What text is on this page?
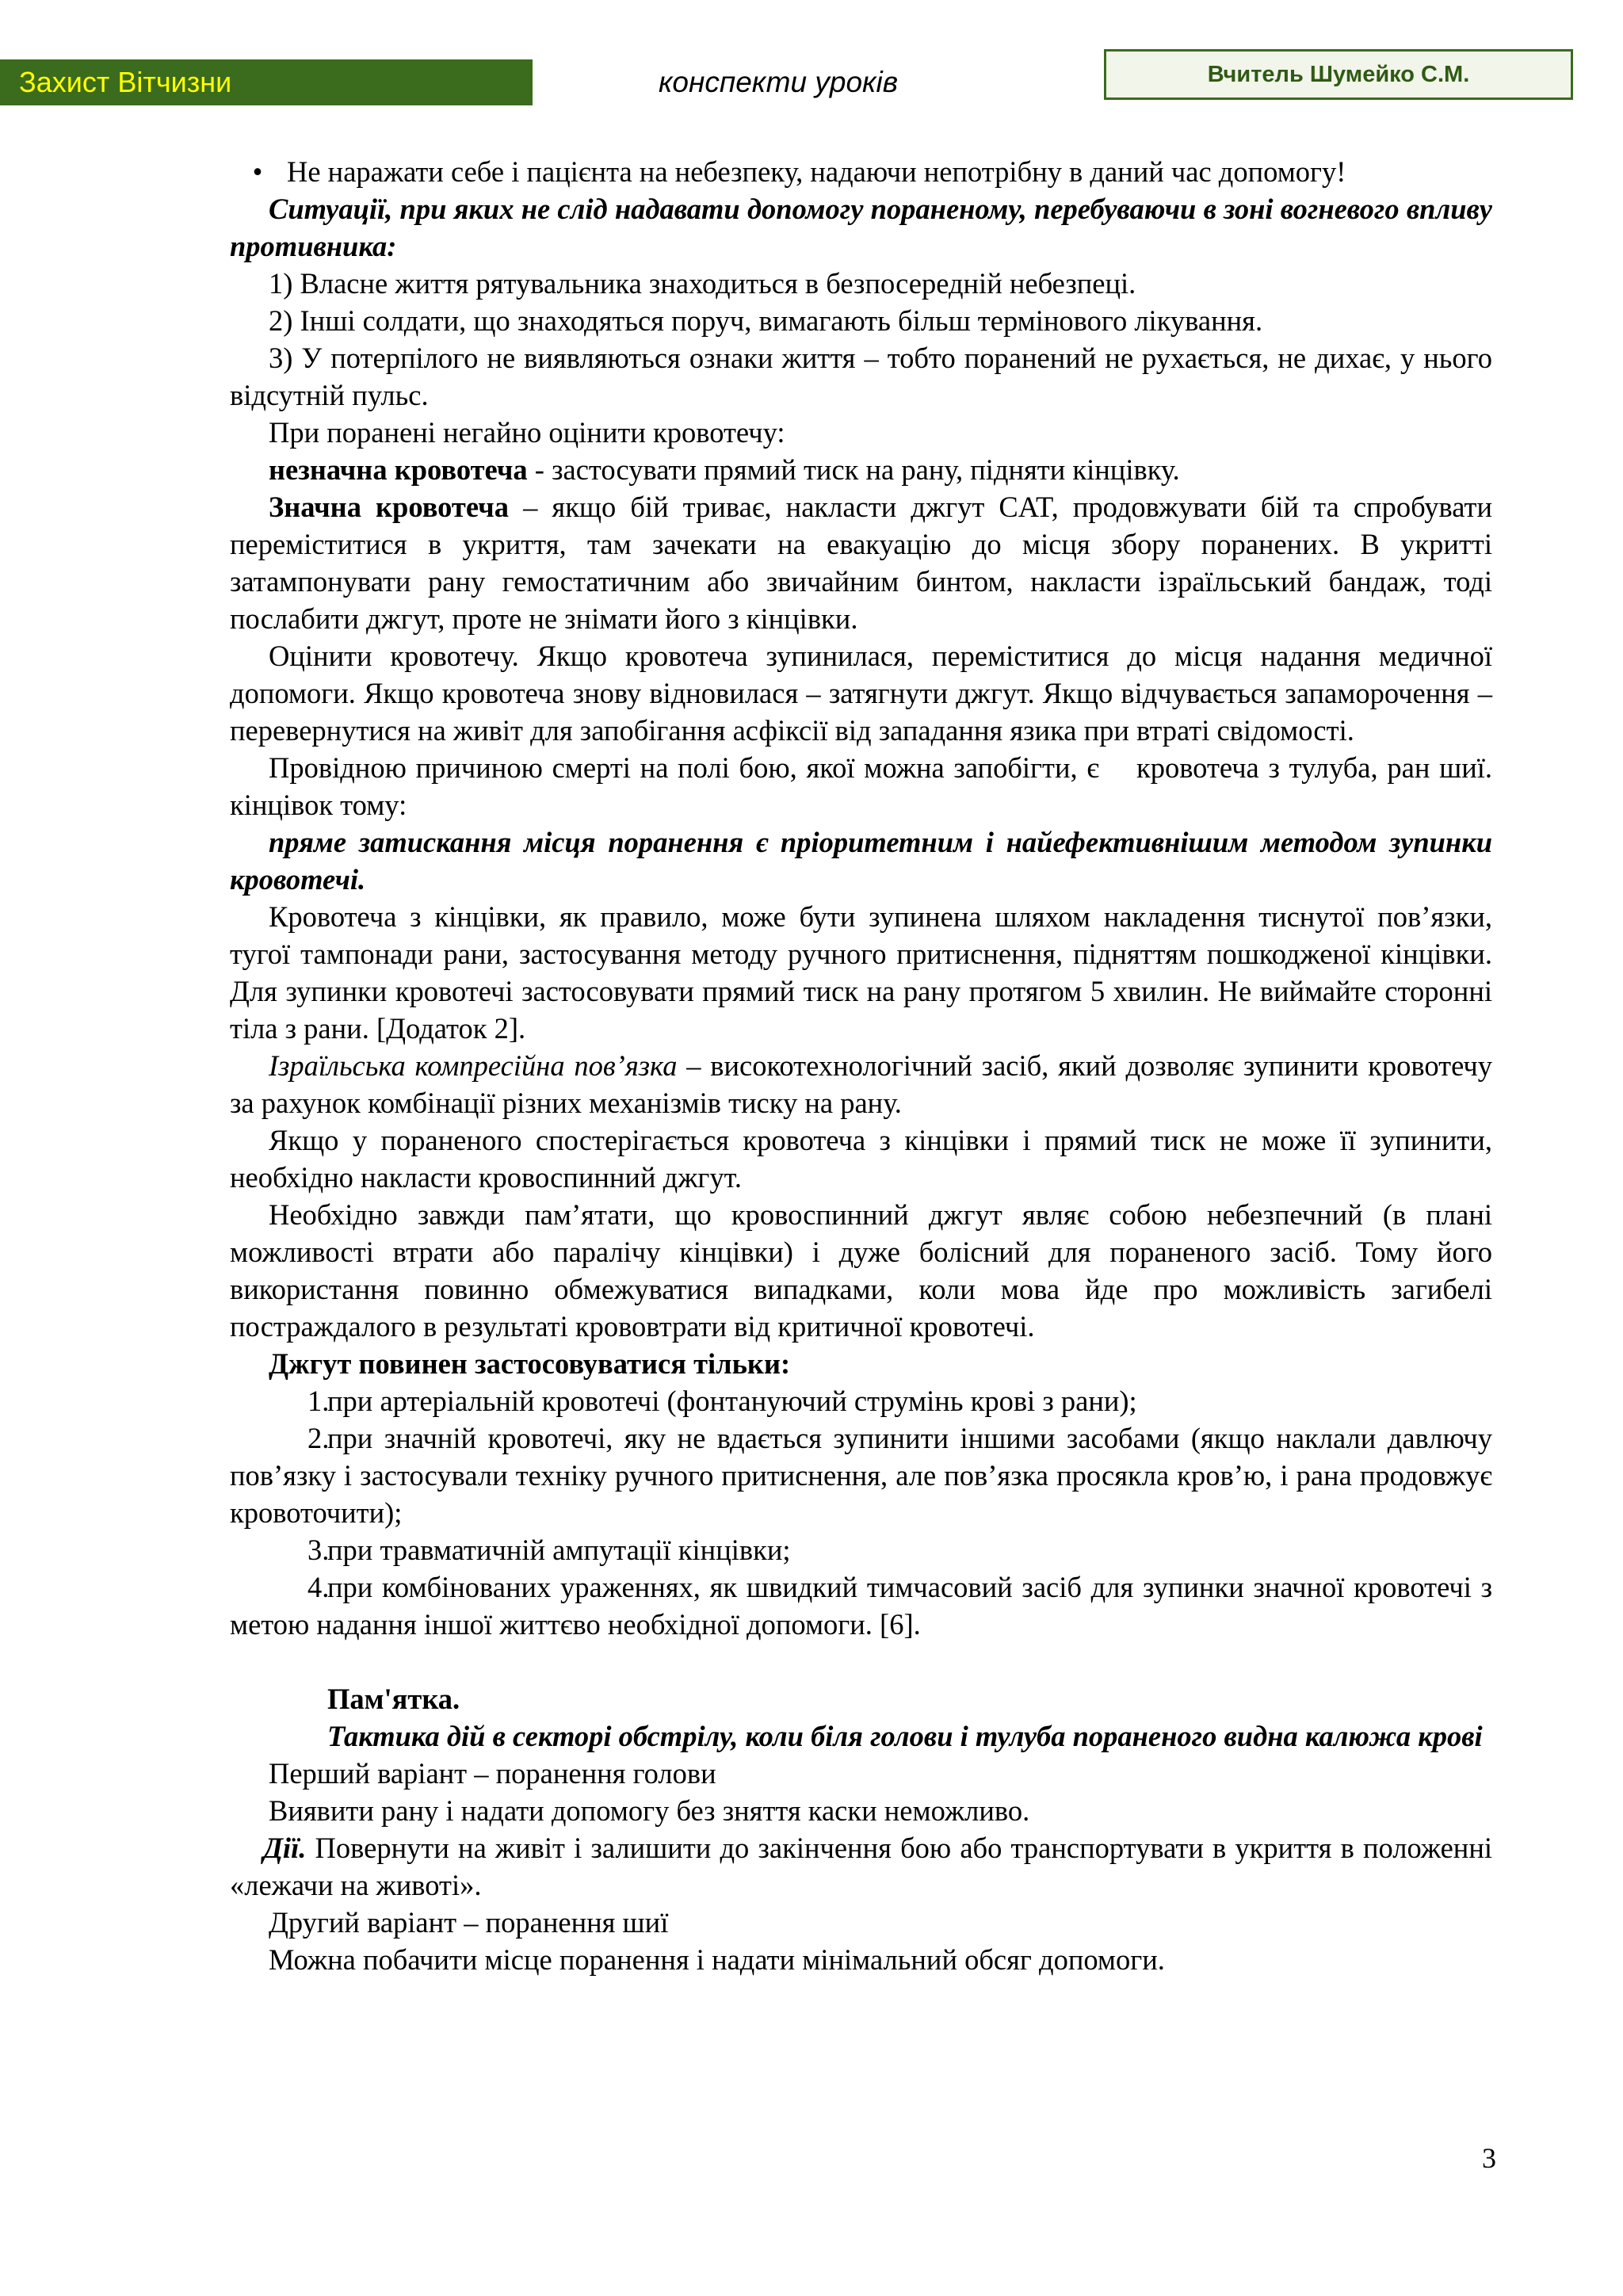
Захист Вітчизни	конспекти уроків	Вчитель Шумейко С.М.

• Не наражати себе і пацієнта на небезпеку, надаючи непотрібну в даний час допомогу!

Ситуації, при яких не слід надавати допомогу пораненому, перебуваючи в зоні вогневого впливу противника:

1) Власне життя рятувальника знаходиться в безпосередній небезпеці.

2) Інші солдати, що знаходяться поруч, вимагають більш термінового лікування.

3) У потерпілого не виявляються ознаки життя – тобто поранений не рухається, не дихає, у нього відсутній пульс.

При поранені негайно оцінити кровотечу:

незначна кровотеча - застосувати прямий тиск на рану, підняти кінцівку.

Значна кровотеча – якщо бій триває, накласти джгут CAT, продовжувати бій та спробувати переміститися в укриття, там зачекати на евакуацію до місця збору поранених. В укритті затампонувати рану гемостатичним або звичайним бинтом, накласти ізраїльський бандаж, тоді послабити джгут, проте не знімати його з кінцівки.

Оцінити кровотечу. Якщо кровотеча зупинилася, переміститися до місця надання медичної допомоги. Якщо кровотеча знову відновилася – затягнути джгут. Якщо відчувається запаморочення – перевернутися на живіт для запобігання асфіксії від западання язика при втраті свідомості.

Провідною причиною смерті на полі бою, якої можна запобігти, є    кровотеча з тулуба, ран шиї. кінцівок тому:

пряме затискання місця поранення є пріоритетним і найефективнішим методом зупинки кровотечі.

Кровотеча з кінцівки, як правило, може бути зупинена шляхом накладення тиснутої пов’язки, тугої тампонади рани, застосування методу ручного притиснення, підняттям пошкодженої кінцівки. Для зупинки кровотечі застосовувати прямий тиск на рану протягом 5 хвилин. Не виймайте сторонні тіла з рани. [Додаток 2].

Ізраїльська компресійна пов’язка – високотехнологічний засіб, який дозволяє зупинити кровотечу за рахунок комбінації різних механізмів тиску на рану.

Якщо у пораненого спостерігається кровотеча з кінцівки і прямий тиск не може її зупинити, необхідно накласти кровоспинний джгут.

Необхідно завжди пам’ятати, що кровоспинний джгут являє собою небезпечний (в плані можливості втрати або паралічу кінцівки) і дуже болісний для пораненого засіб. Тому його використання повинно обмежуватися випадками, коли мова йде про можливість загибелі постраждалого в результаті крововтрати від критичної кровотечі.

Джгут повинен застосовуватися тільки:

1.при артеріальній кровотечі (фонтануючий струмінь крові з рани);

2.при значній кровотечі, яку не вдається зупинити іншими засобами (якщо наклали давлючу пов’язку і застосували техніку ручного притиснення, але пов’язка просякла кров’ю, і рана продовжує кровоточити);

3.при травматичній ампутації кінцівки;

4.при комбінованих ураженнях, як швидкий тимчасовий засіб для зупинки значної кровотечі з метою надання іншої життєво необхідної допомоги. [6].

Пам'ятка.

Тактика дій в секторі обстрілу, коли біля голови і тулуба пораненого видна калюжа крові

Перший варіант – поранення голови

Виявити рану і надати допомогу без зняття каски неможливо.

Дії. Повернути на живіт і залишити до закінчення бою або транспортувати в укриття в положенні «лежачи на животі».

Другий варіант – поранення шиї

Можна побачити місце поранення і надати мінімальний обсяг допомоги.

3
